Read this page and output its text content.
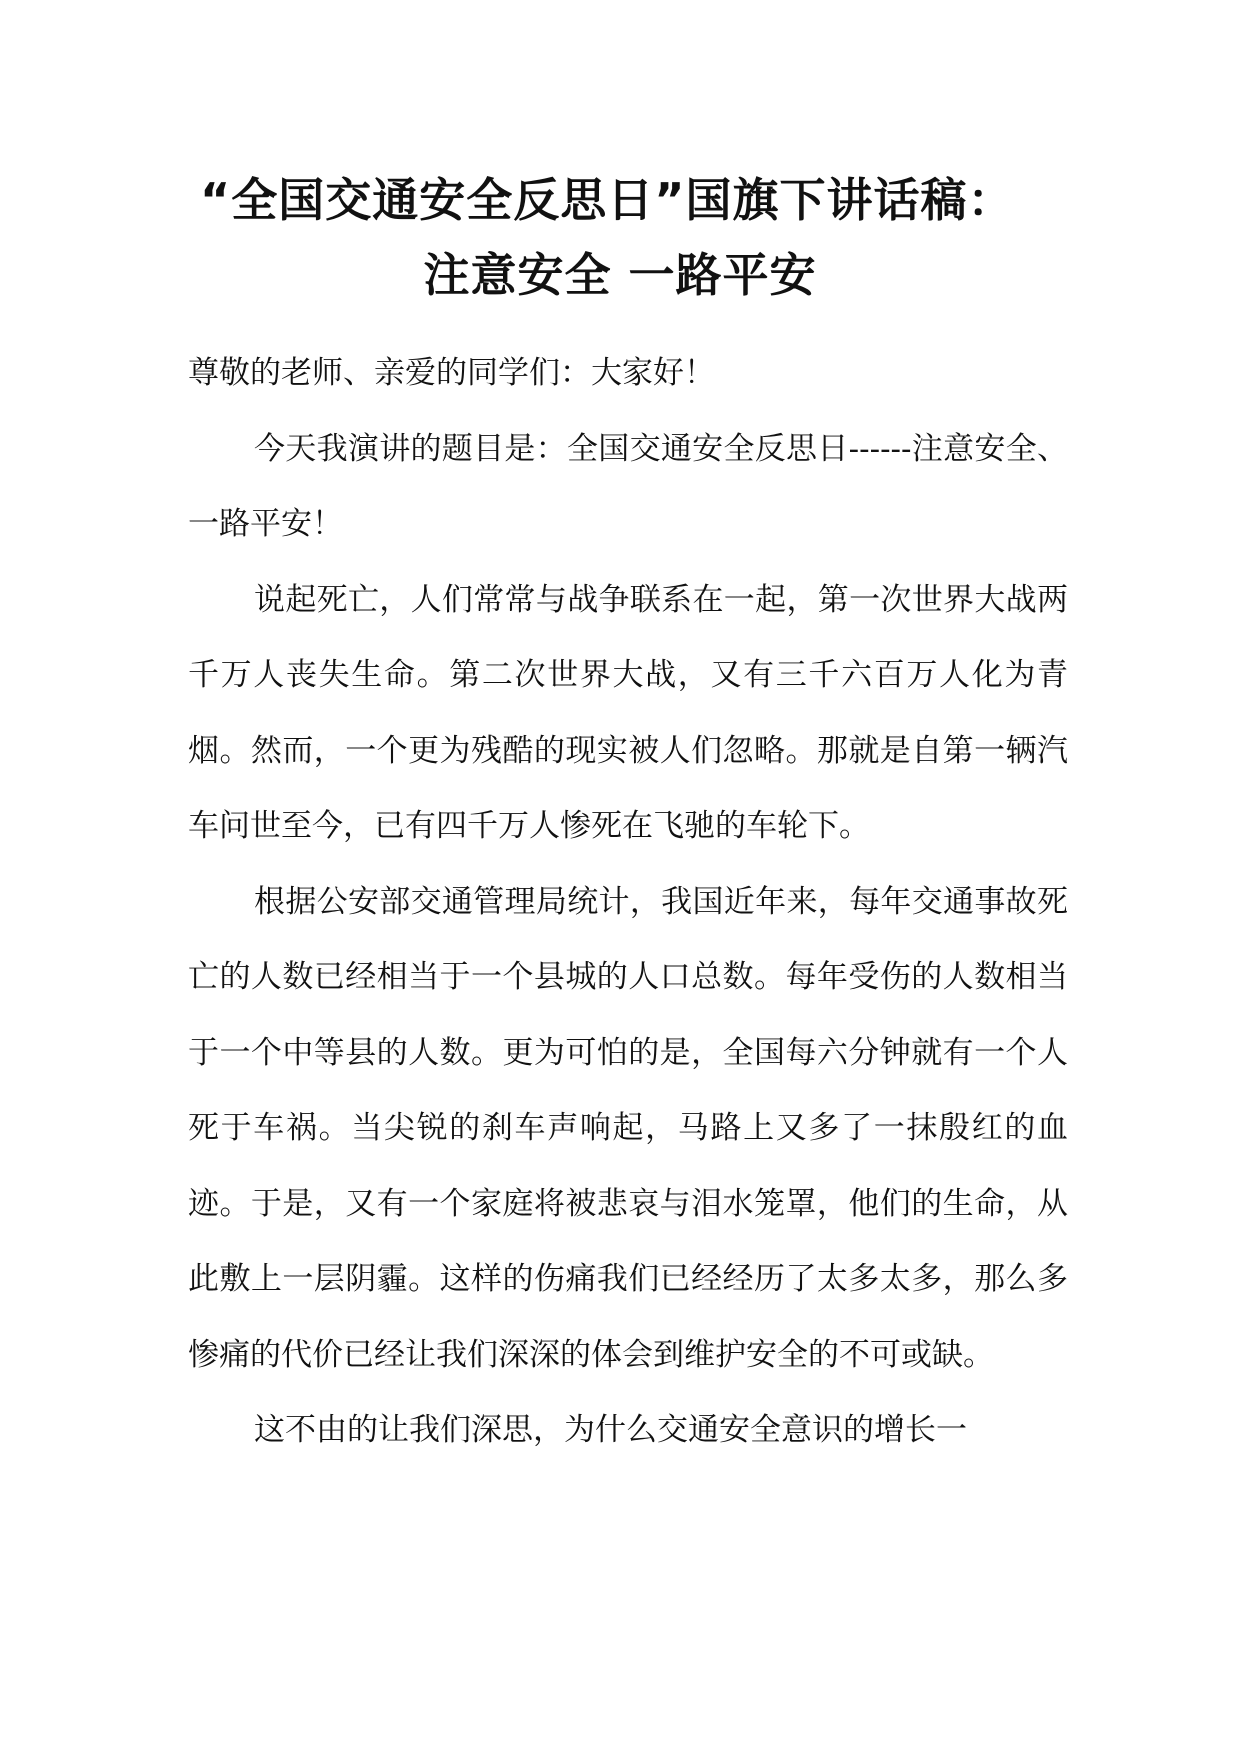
“全国交通安全反思日”国旗下讲话稿：
注意安全 一路平安

尊敬的老师、亲爱的同学们：大家好！

今天我演讲的题目是：全国交通安全反思日------注意安全、一路平安！

说起死亡，人们常常与战争联系在一起，第一次世界大战两千万人丧失生命。第二次世界大战，又有三千六百万人化为青烟。然而，一个更为残酷的现实被人们忽略。那就是自第一辆汽车问世至今，已有四千万人惨死在飞驰的车轮下。

根据公安部交通管理局统计，我国近年来，每年交通事故死亡的人数已经相当于一个县城的人口总数。每年受伤的人数相当于一个中等县的人数。更为可怕的是，全国每六分钟就有一个人死于车祸。当尖锐的刹车声响起，马路上又多了一抹殷红的血迹。于是，又有一个家庭将被悲哀与泪水笼罩，他们的生命，从此敷上一层阴霾。这样的伤痛我们已经经历了太多太多，那么多惨痛的代价已经让我们深深的体会到维护安全的不可或缺。

这不由的让我们深思，为什么交通安全意识的增长一
